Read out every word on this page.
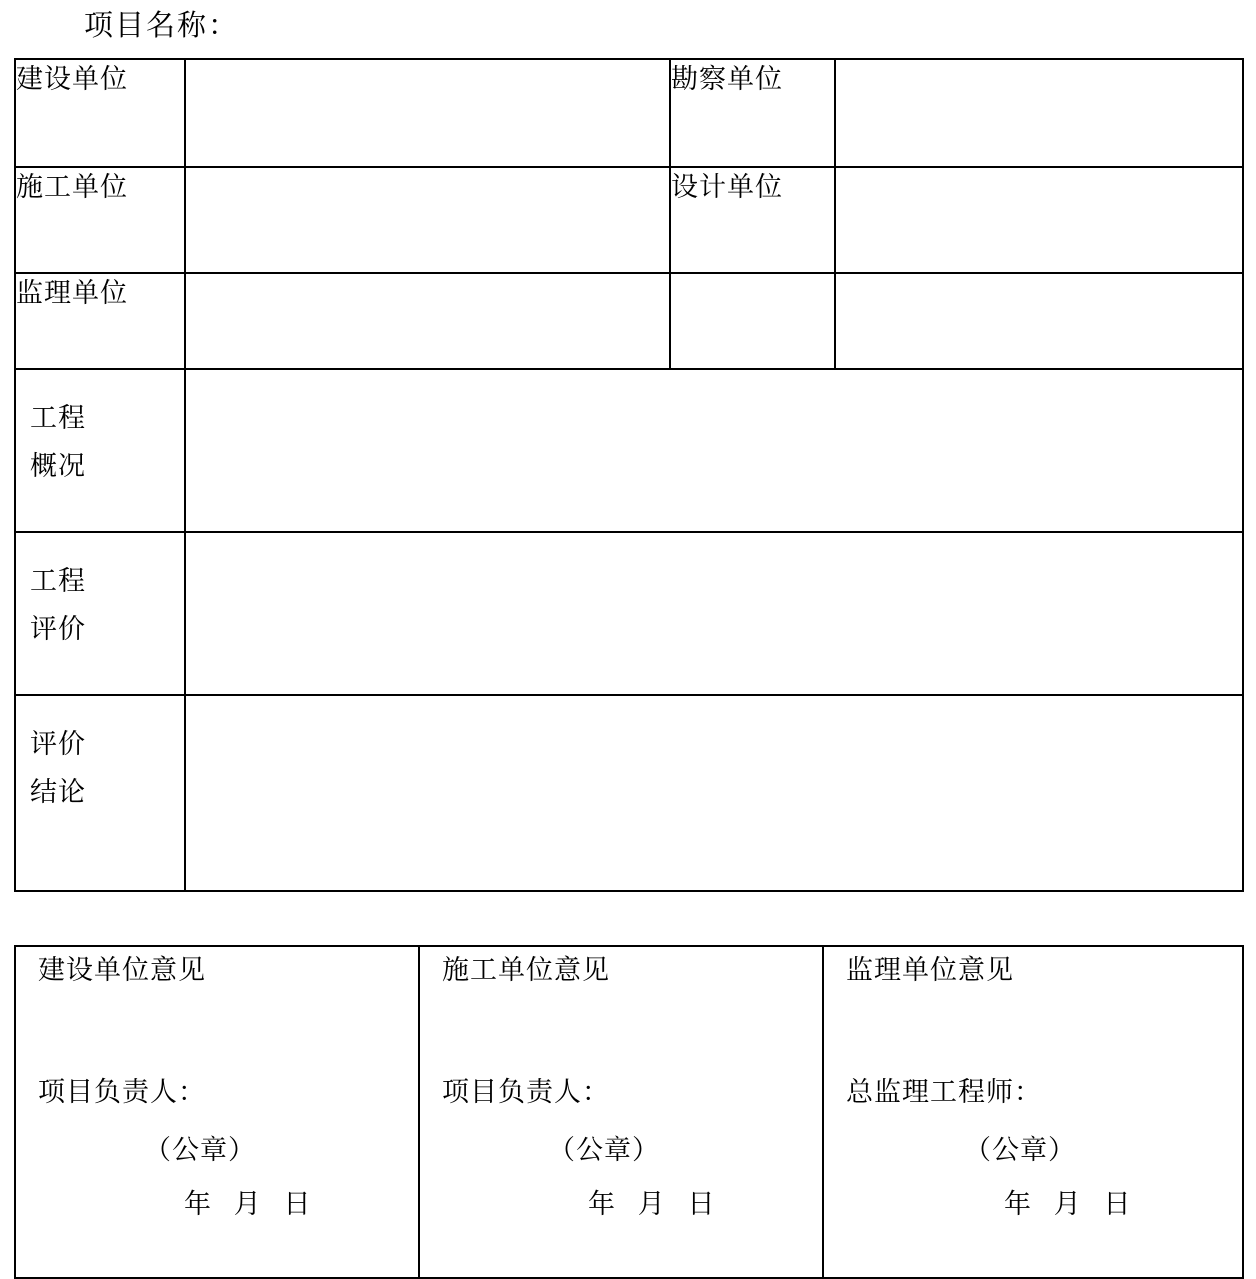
项目名称：
建设单位		勘察单位	
施工单位		设计单位	
监理单位			

工程
概况			

工程
评价			

评价
结论			

建设单位意见
项目负责人：
（公章）
年 月 日

施工单位意见
项目负责人：
（公章）
年 月 日

监理单位意见
总监理工程师：
（公章）
年 月 日
